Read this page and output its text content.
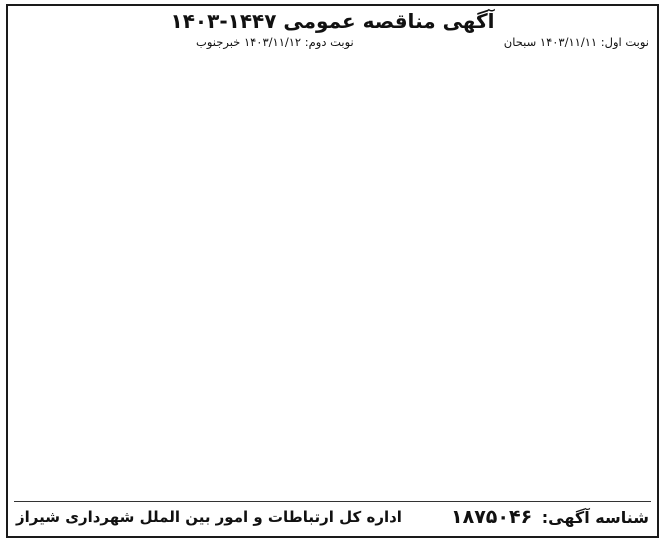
آگهی مناقصه عمومی ۱۴۴۷-۱۴۰۳
نوبت اول: ۱۴۰۳/۱۱/۱۱ سبحان
نوبت دوم: ۱۴۰۳/۱۱/۱۲ خبرجنوب

شناسه آگهی: ۱۸۷۵۰۴۶
اداره کل ارتباطات و امور بین الملل شهرداری شیراز
